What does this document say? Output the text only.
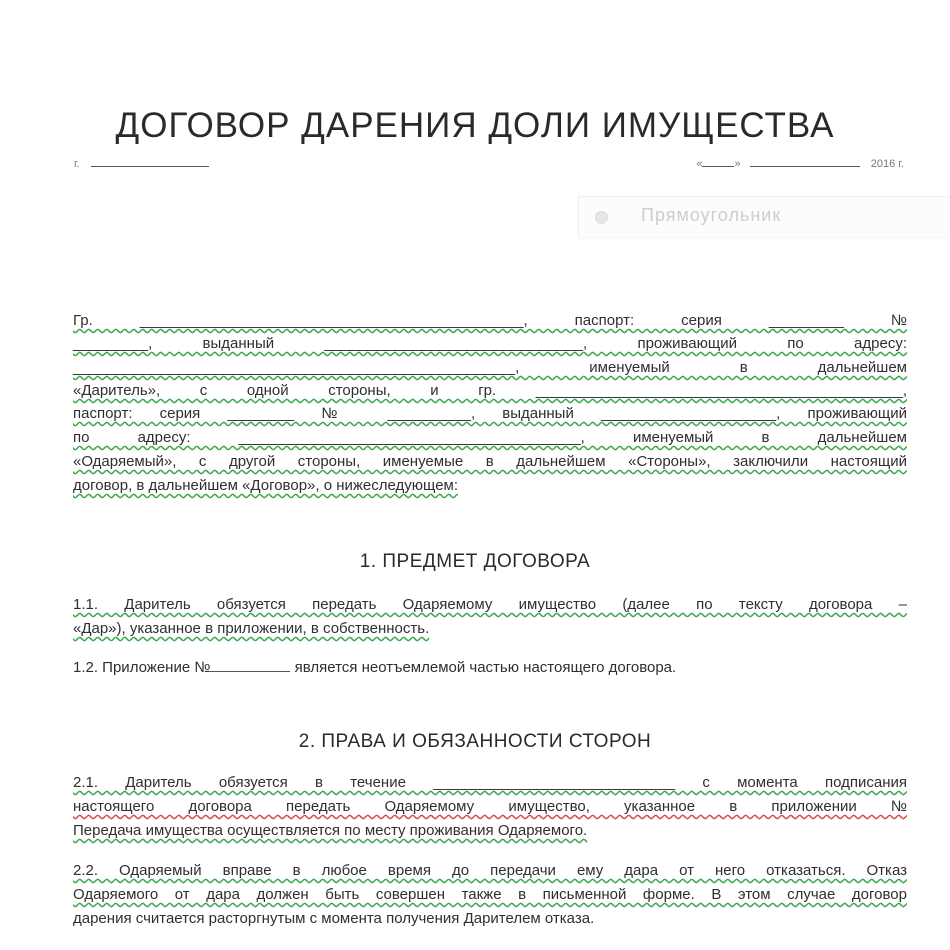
ДОГОВОР ДАРЕНИЯ ДОЛИ ИМУЩЕСТВА
г.	«	»	2016 г.
Прямоугольник
Гр. ______________________________________________, паспорт: серия _________ №
_________, выданный _______________________________, проживающий по адресу:
_____________________________________________________, именуемый в дальнейшем
«Даритель», с одной стороны, и гр. ____________________________________________,
паспорт: серия ________ № __________, выданный _____________________, проживающий
по адресу: _________________________________________, именуемый в дальнейшем
«Одаряемый», с другой стороны, именуемые в дальнейшем «Стороны», заключили настоящий
договор, в дальнейшем «Договор», о нижеследующем:
1. ПРЕДМЕТ ДОГОВОРА
1.1. Даритель обязуется передать Одаряемому имущество (далее по тексту договора –
«Дар»), указанное в приложении, в собственность.
1.2. Приложение №	является неотъемлемой частью настоящего договора.
2. ПРАВА И ОБЯЗАННОСТИ СТОРОН
2.1. Даритель обязуется в течение _____________________________ с момента подписания
настоящего договора передать Одаряемому имущество, указанное в приложении №
Передача имущества осуществляется по месту проживания Одаряемого.
2.2. Одаряемый вправе в любое время до передачи ему дара от него отказаться. Отказ
Одаряемого от дара должен быть совершен также в письменной форме. В этом случае договор
дарения считается расторгнутым с момента получения Дарителем отказа.
